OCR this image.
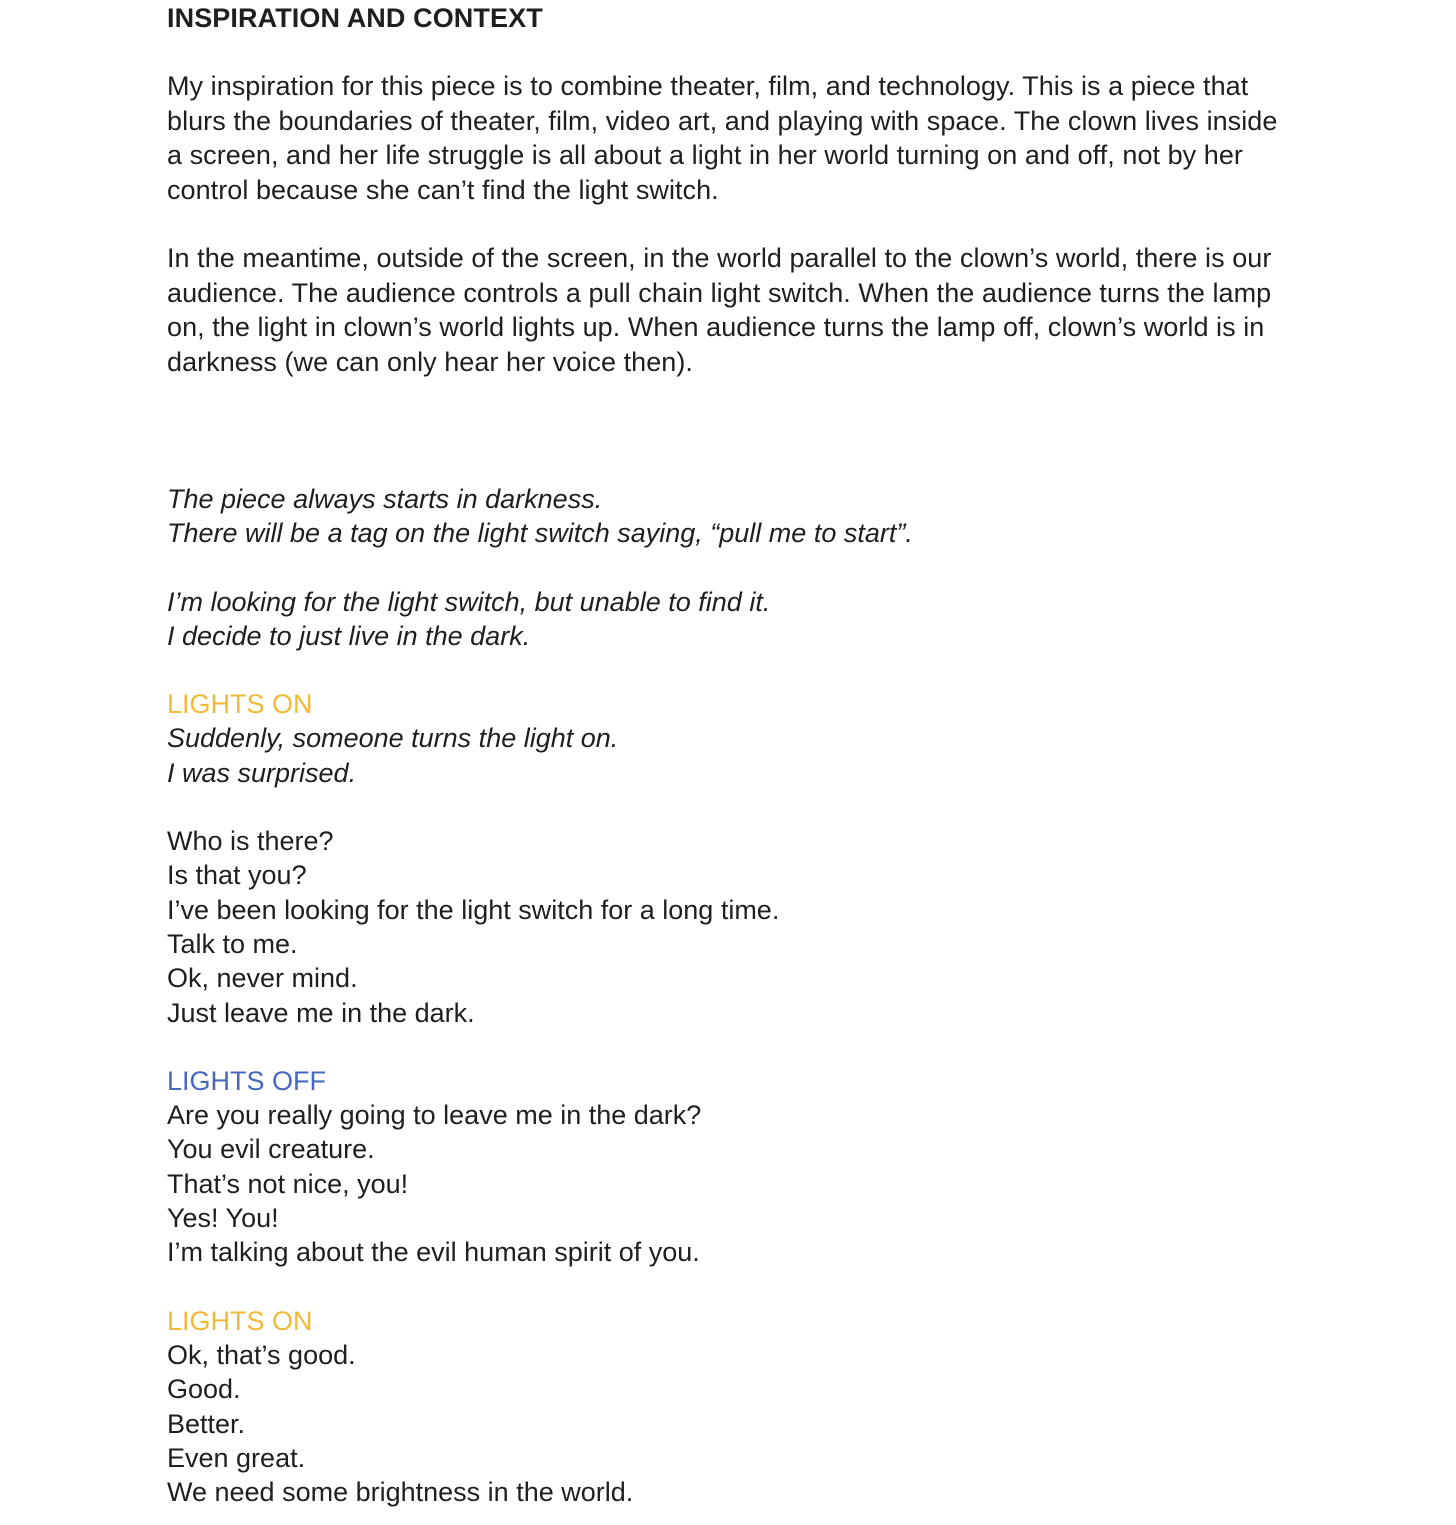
INSPIRATION AND CONTEXT

My inspiration for this piece is to combine theater, film, and technology. This is a piece that blurs the boundaries of theater, film, video art, and playing with space. The clown lives inside a screen, and her life struggle is all about a light in her world turning on and off, not by her control because she can’t find the light switch.

In the meantime, outside of the screen, in the world parallel to the clown’s world, there is our audience. The audience controls a pull chain light switch. When the audience turns the lamp on, the light in clown’s world lights up. When audience turns the lamp off, clown’s world is in darkness (we can only hear her voice then).

The piece always starts in darkness.
There will be a tag on the light switch saying, “pull me to start”.
I’m looking for the light switch, but unable to find it.
I decide to just live in the dark.
LIGHTS ON
Suddenly, someone turns the light on.
I was surprised.
Who is there?
Is that you?
I’ve been looking for the light switch for a long time.
Talk to me.
Ok, never mind.
Just leave me in the dark.
LIGHTS OFF
Are you really going to leave me in the dark?
You evil creature.
That’s not nice, you!
Yes! You!
I’m talking about the evil human spirit of you.
LIGHTS ON
Ok, that’s good.
Good.
Better.
Even great.
We need some brightness in the world.
